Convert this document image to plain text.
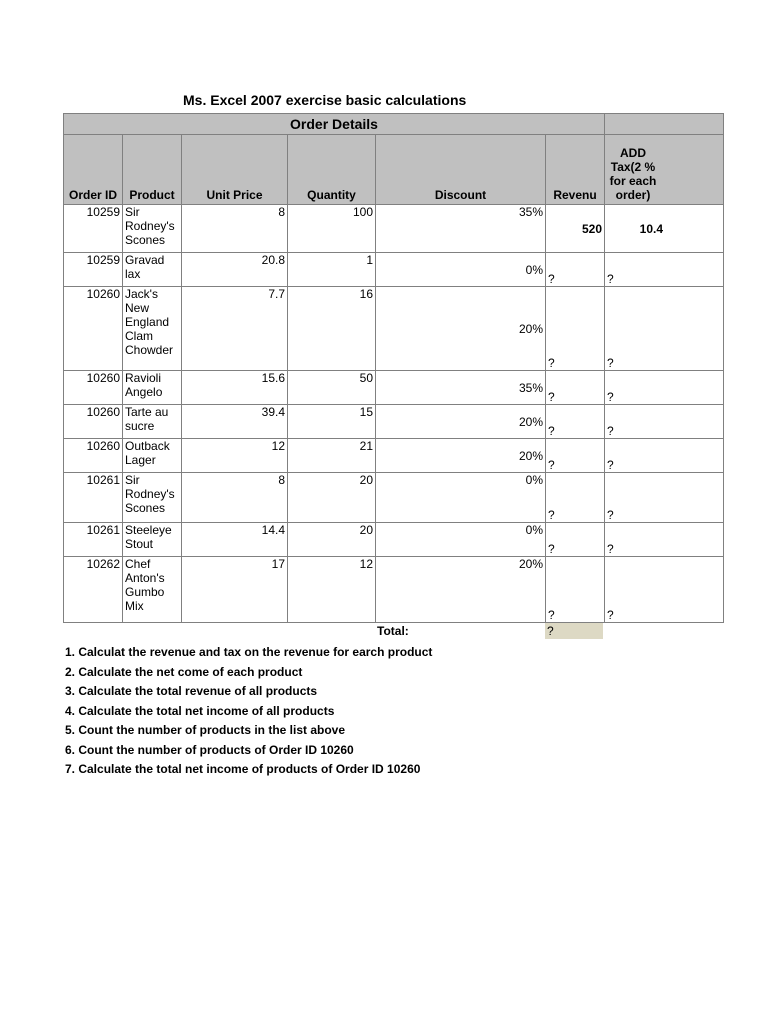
Ms. Excel 2007 exercise basic calculations
Order Details						
Order ID	Product	Unit Price	Quantity	Discount	Revenu	ADD Tax(2 % for each order)

10259	Sir Rodney's Scones	8	100	35%	520	10.4
10259	Gravad lax	20.8	1	0%	?	?
10260	Jack's New England Clam Chowder	7.7	16	20%	?	?
10260	Ravioli Angelo	15.6	50	35%	?	?
10260	Tarte au sucre	39.4	15	20%	?	?
10260	Outback Lager	12	21	20%	?	?
10261	Sir Rodney's Scones	8	20	0%	?	?
10261	Steeleye Stout	14.4	20	0%	?	?
10262	Chef Anton's Gumbo Mix	17	12	20%	?	?
Total:	?
1. Calculat the revenue and tax on the revenue for earch product
2. Calculate the net come of each product
3. Calculate the total revenue of all products
4. Calculate the total net income of all products
5. Count the number of products in the list above
6. Count the number of products of Order ID 10260
7. Calculate the total net income of products of Order ID 10260
